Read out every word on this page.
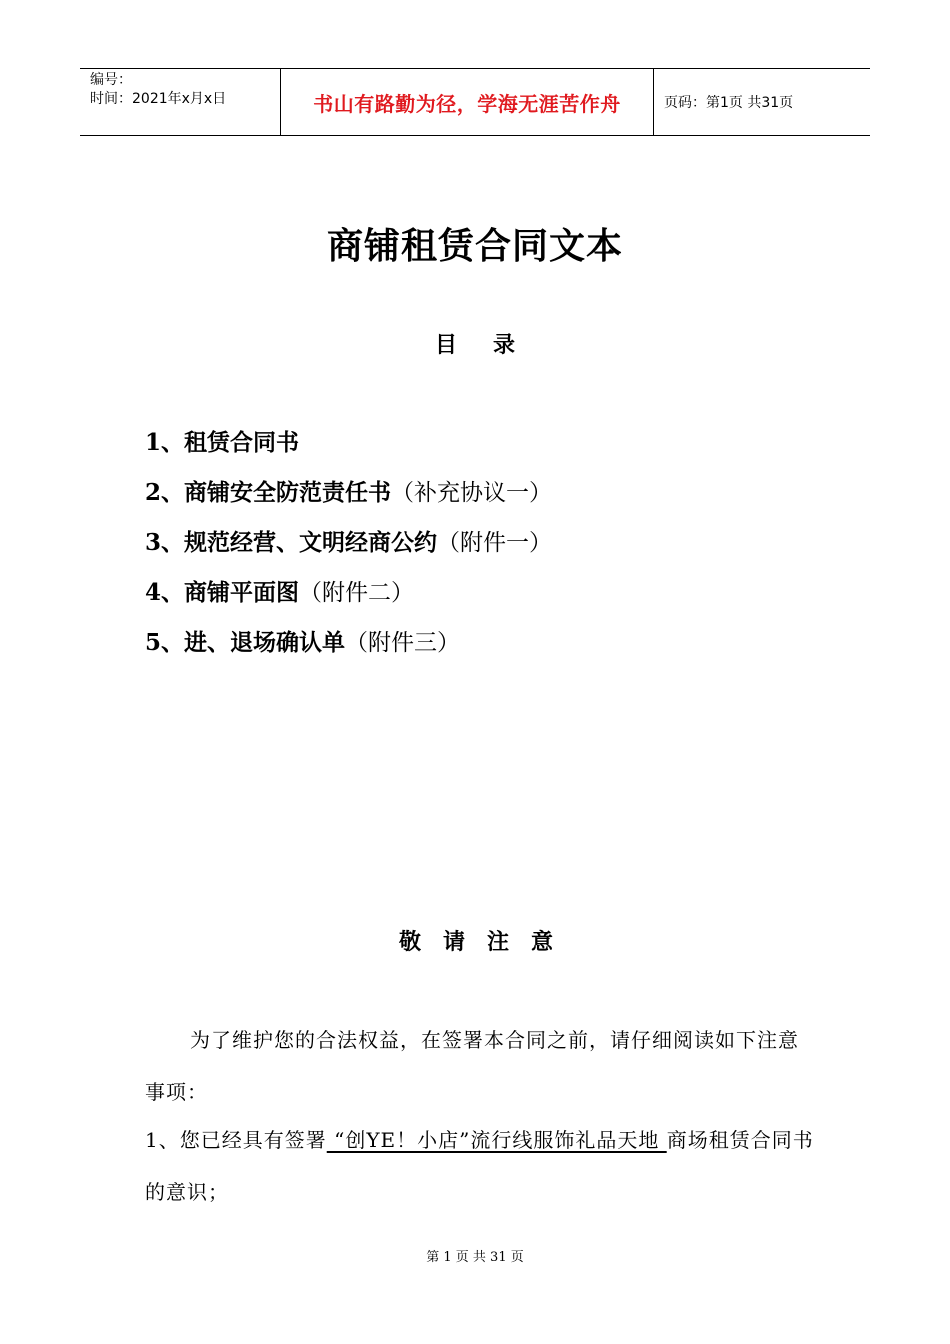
编号：
时间：2021年x月x日	书山有路勤为径，学海无涯苦作舟	页码：第1页 共31页
商铺租赁合同文本
目录
1、租赁合同书
2、商铺安全防范责任书（补充协议一）
3、规范经营、文明经商公约（附件一）
4、商铺平面图（附件二）
5、进、退场确认单（附件三）
敬请注意
为了维护您的合法权益，在签署本合同之前，请仔细阅读如下注意事项：
1、您已经具有签署 “创YE！小店”流行线服饰礼品天地 商场租赁合同书的意识；
第 1 页 共 31 页
